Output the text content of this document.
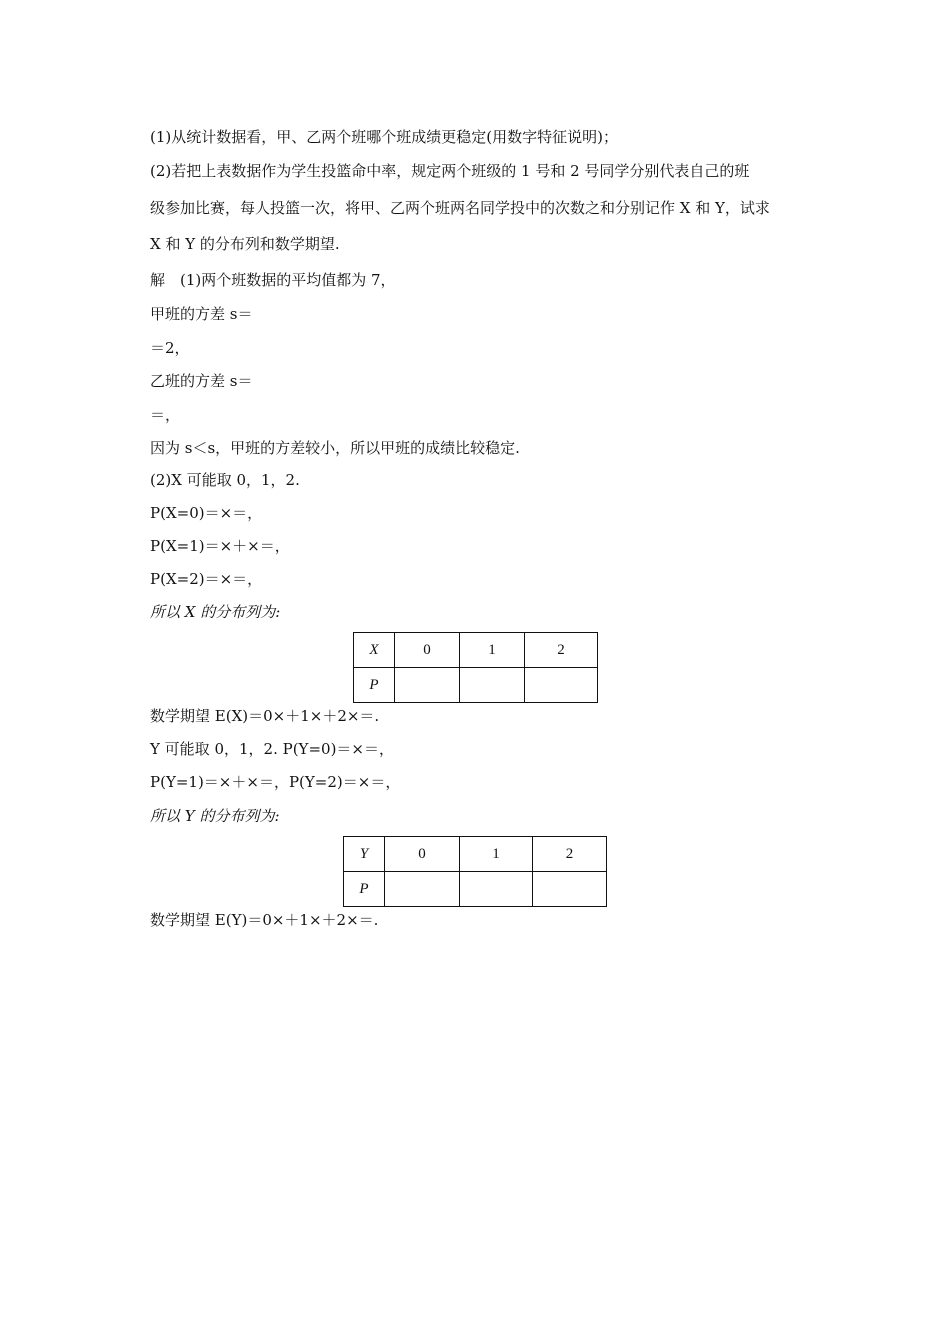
(1)从统计数据看，甲、乙两个班哪个班成绩更稳定(用数字特征说明)；
(2)若把上表数据作为学生投篮命中率，规定两个班级的 1 号和 2 号同学分别代表自己的班
级参加比赛，每人投篮一次，将甲、乙两个班两名同学投中的次数之和分别记作 X 和 Y，试求
X 和 Y 的分布列和数学期望.
解　(1)两个班数据的平均值都为 7，
甲班的方差 s＝
＝2，
乙班的方差 s＝
＝，
因为 s＜s，甲班的方差较小，所以甲班的成绩比较稳定.
(2)X 可能取 0，1，2.
P(X=0)＝×＝，
P(X=1)＝×＋×＝，
P(X=2)＝×＝，
所以 X 的分布列为:
X	0	1	2
P			
数学期望 E(X)＝0×＋1×＋2×＝.
Y 可能取 0，1，2. P(Y=0)＝×＝，
P(Y=1)＝×＋×＝，P(Y=2)＝×＝，
所以 Y 的分布列为:
Y	0	1	2
P			
数学期望 E(Y)＝0×＋1×＋2×＝.
